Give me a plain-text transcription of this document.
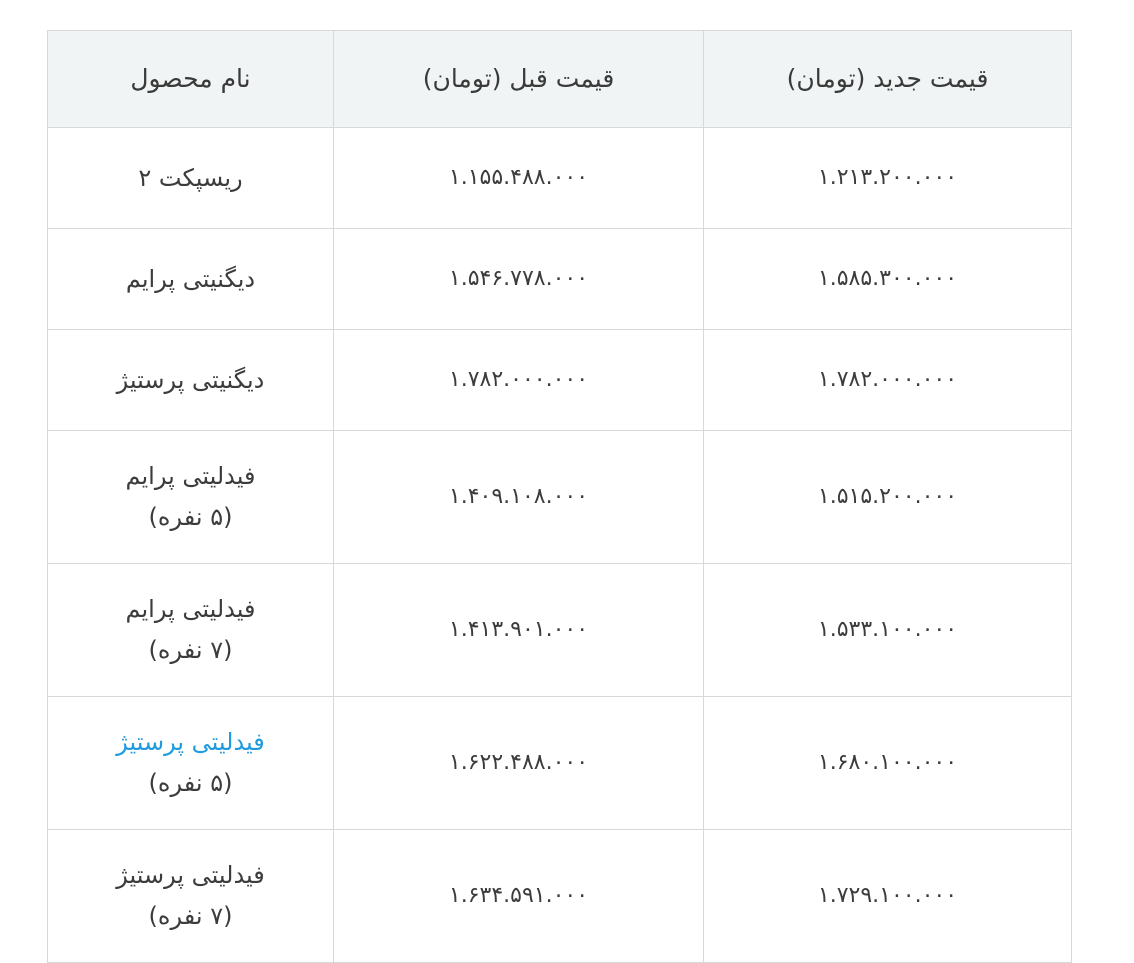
قیمت جدید (تومان)	قیمت قبل (تومان)	نام محصول
۱.۲۱۳.۲۰۰.۰۰۰	۱.۱۵۵.۴۸۸.۰۰۰	ریسپکت ۲

۱.۵۸۵.۳۰۰.۰۰۰	۱.۵۴۶.۷۷۸.۰۰۰	دیگنیتی پرایم

۱.۷۸۲.۰۰۰.۰۰۰	۱.۷۸۲.۰۰۰.۰۰۰	دیگنیتی پرستیژ

۱.۵۱۵.۲۰۰.۰۰۰	۱.۴۰۹.۱۰۸.۰۰۰	فیدلیتی پرایم
(۵ نفره)

۱.۵۳۳.۱۰۰.۰۰۰	۱.۴۱۳.۹۰۱.۰۰۰	فیدلیتی پرایم
(۷ نفره)

۱.۶۸۰.۱۰۰.۰۰۰	۱.۶۲۲.۴۸۸.۰۰۰	فیدلیتی پرستیژ
(۵ نفره)

۱.۷۲۹.۱۰۰.۰۰۰	۱.۶۳۴.۵۹۱.۰۰۰	فیدلیتی پرستیژ
(۷ نفره)
